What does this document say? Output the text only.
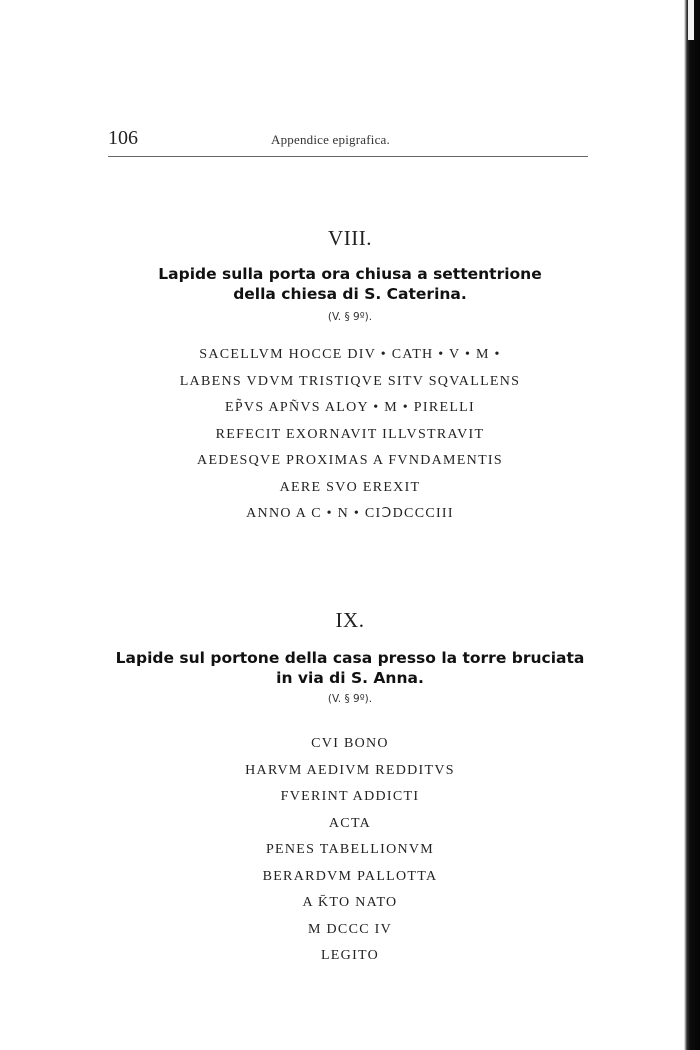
106	Appendice epigrafica.
VIII.
Lapide sulla porta ora chiusa a settentrione
della chiesa di S. Caterina.
(V. § 9º).
SACELLVM HOCCE DIV • CATH • V • M •
LABENS VDVM TRISTIQVE SITV SQVALLENS
EP̃VS APÑVS ALOY • M • PIRELLI
REFECIT EXORNAVIT ILLVSTRAVIT
AEDESQVE PROXIMAS A FVNDAMENTIS
AERE SVO EREXIT
ANNO A C • N • CIↃDCCCIII
IX.
Lapide sul portone della casa presso la torre bruciata
in via di S. Anna.
(V. § 9º).
CVI BONO
HARVM AEDIVM REDDITVS
FVERINT ADDICTI
ACTA
PENES TABELLIONVM
BERARDVM PALLOTTA
A K̄TO NATO
M DCCC IV
LEGITO
